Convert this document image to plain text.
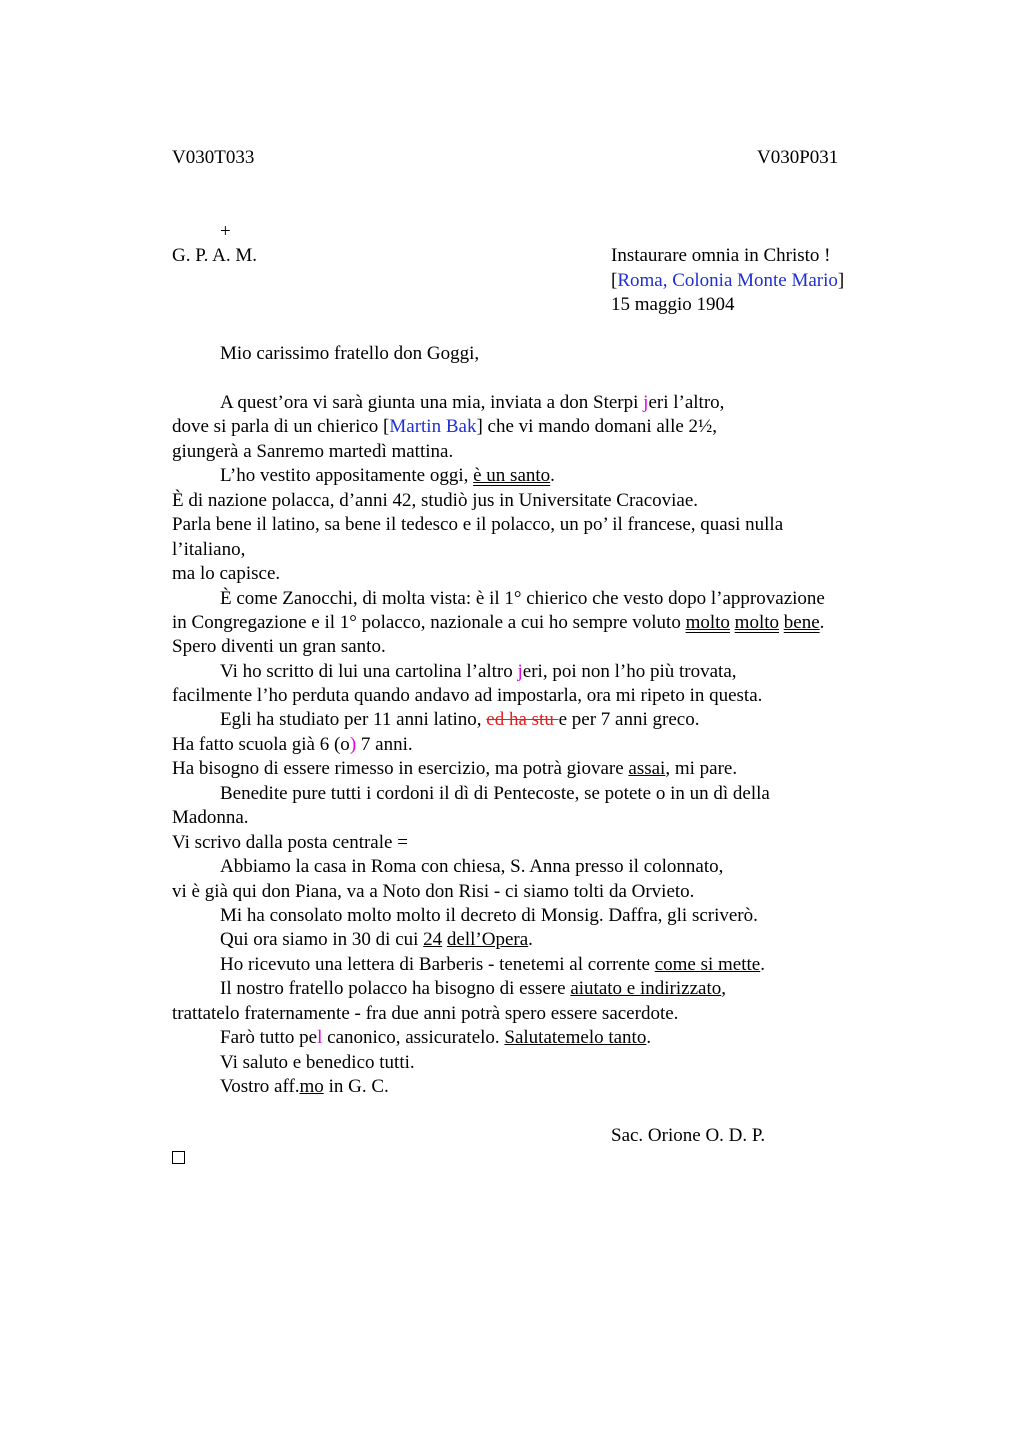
V030T033	V030P031
+
G. P. A. M.	Instaurare omnia in Christo !
[Roma, Colonia Monte Mario]
15 maggio 1904
Mio carissimo fratello don Goggi,
A quest’ora vi sarà giunta una mia, inviata a don Sterpi jeri l’altro,
dove si parla di un chierico [Martin Bak] che vi mando domani alle 2½,
giungerà a Sanremo martedì mattina.
L’ho vestito appositamente oggi, è un santo.
È di nazione polacca, d’anni 42, studiò jus in Universitate Cracoviae.
Parla bene il latino, sa bene il tedesco e il polacco, un po’ il francese, quasi nulla
l’italiano,
ma lo capisce.
È come Zanocchi, di molta vista: è il 1° chierico che vesto dopo l’approvazione
in Congregazione e il 1° polacco, nazionale a cui ho sempre voluto molto molto bene.
Spero diventi un gran santo.
Vi ho scritto di lui una cartolina l’altro jeri, poi non l’ho più trovata,
facilmente l’ho perduta quando andavo ad impostarla, ora mi ripeto in questa.
Egli ha studiato per 11 anni latino, ed ha stu e per 7 anni greco.
Ha fatto scuola già 6 (o) 7 anni.
Ha bisogno di essere rimesso in esercizio, ma potrà giovare assai, mi pare.
Benedite pure tutti i cordoni il dì di Pentecoste, se potete o in un dì della
Madonna.
Vi scrivo dalla posta centrale =
Abbiamo la casa in Roma con chiesa, S. Anna presso il colonnato,
vi è già qui don Piana, va a Noto don Risi - ci siamo tolti da Orvieto.
Mi ha consolato molto molto il decreto di Monsig. Daffra, gli scriverò.
Qui ora siamo in 30 di cui 24 dell’Opera.
Ho ricevuto una lettera di Barberis - tenetemi al corrente come si mette.
Il nostro fratello polacco ha bisogno di essere aiutato e indirizzato,
trattatelo fraternamente - fra due anni potrà spero essere sacerdote.
Farò tutto pel canonico, assicuratelo. Salutatemelo tanto.
Vi saluto e benedico tutti.
Vostro aff.mo in G. C.
Sac. Orione O. D. P.
